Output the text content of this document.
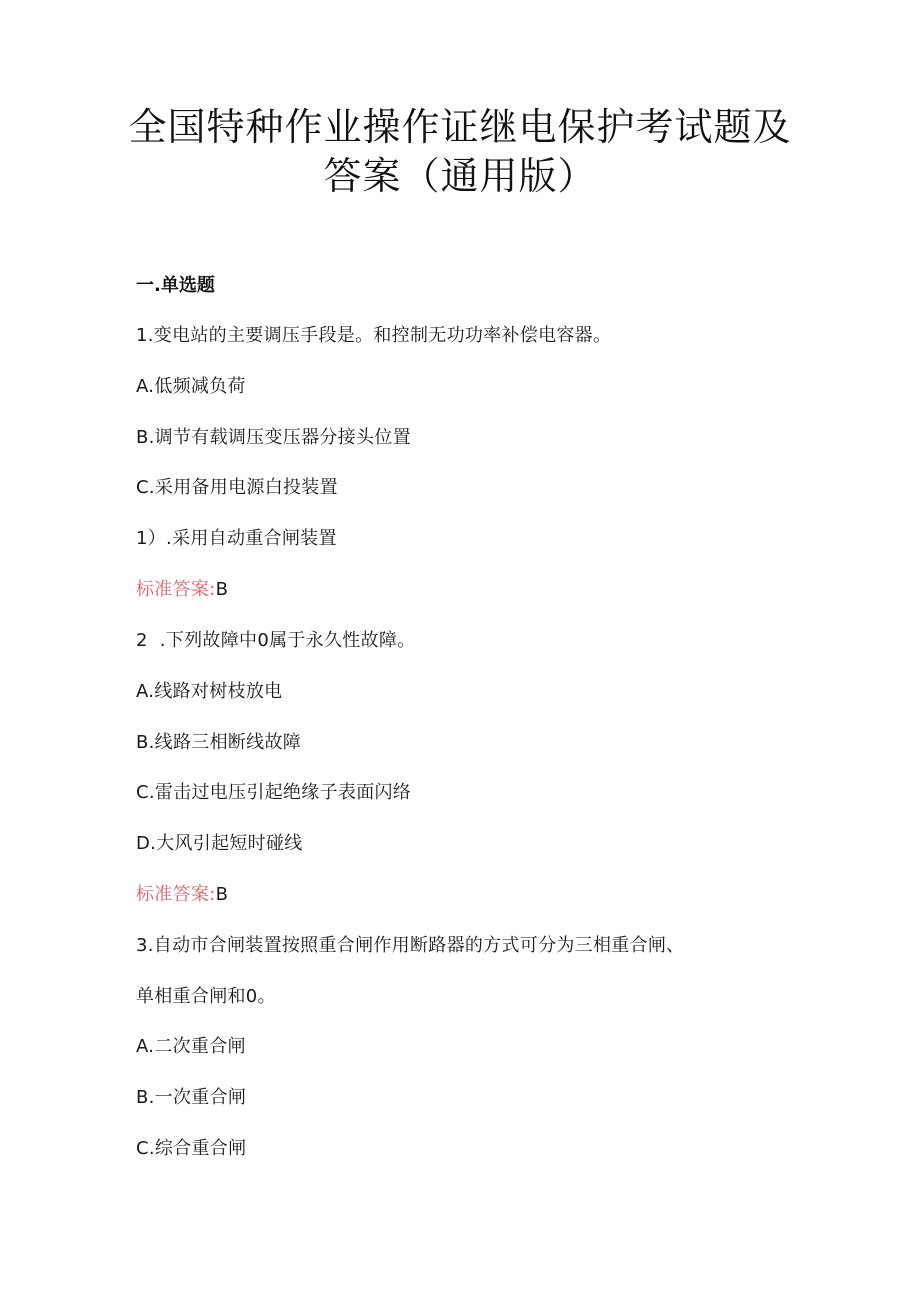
全国特种作业操作证继电保护考试题及
答案（通用版）
一.单选题
1.变电站的主要调压手段是。和控制无功功率补偿电容器。
A.低频减负荷
B.调节有载调压变压器分接头位置
C.采用备用电源白投装置
1）.采用自动重合闸装置
标准答案:B
2  .下列故障中0属于永久性故障。
A.线路对树枝放电
B.线路三相断线故障
C.雷击过电压引起绝缘子表面闪络
D.大风引起短时碰线
标准答案:B
3.自动市合闸装置按照重合闸作用断路器的方式可分为三相重合闸、
单相重合闸和0。
A.二次重合闸
B.一次重合闸
C.综合重合闸
